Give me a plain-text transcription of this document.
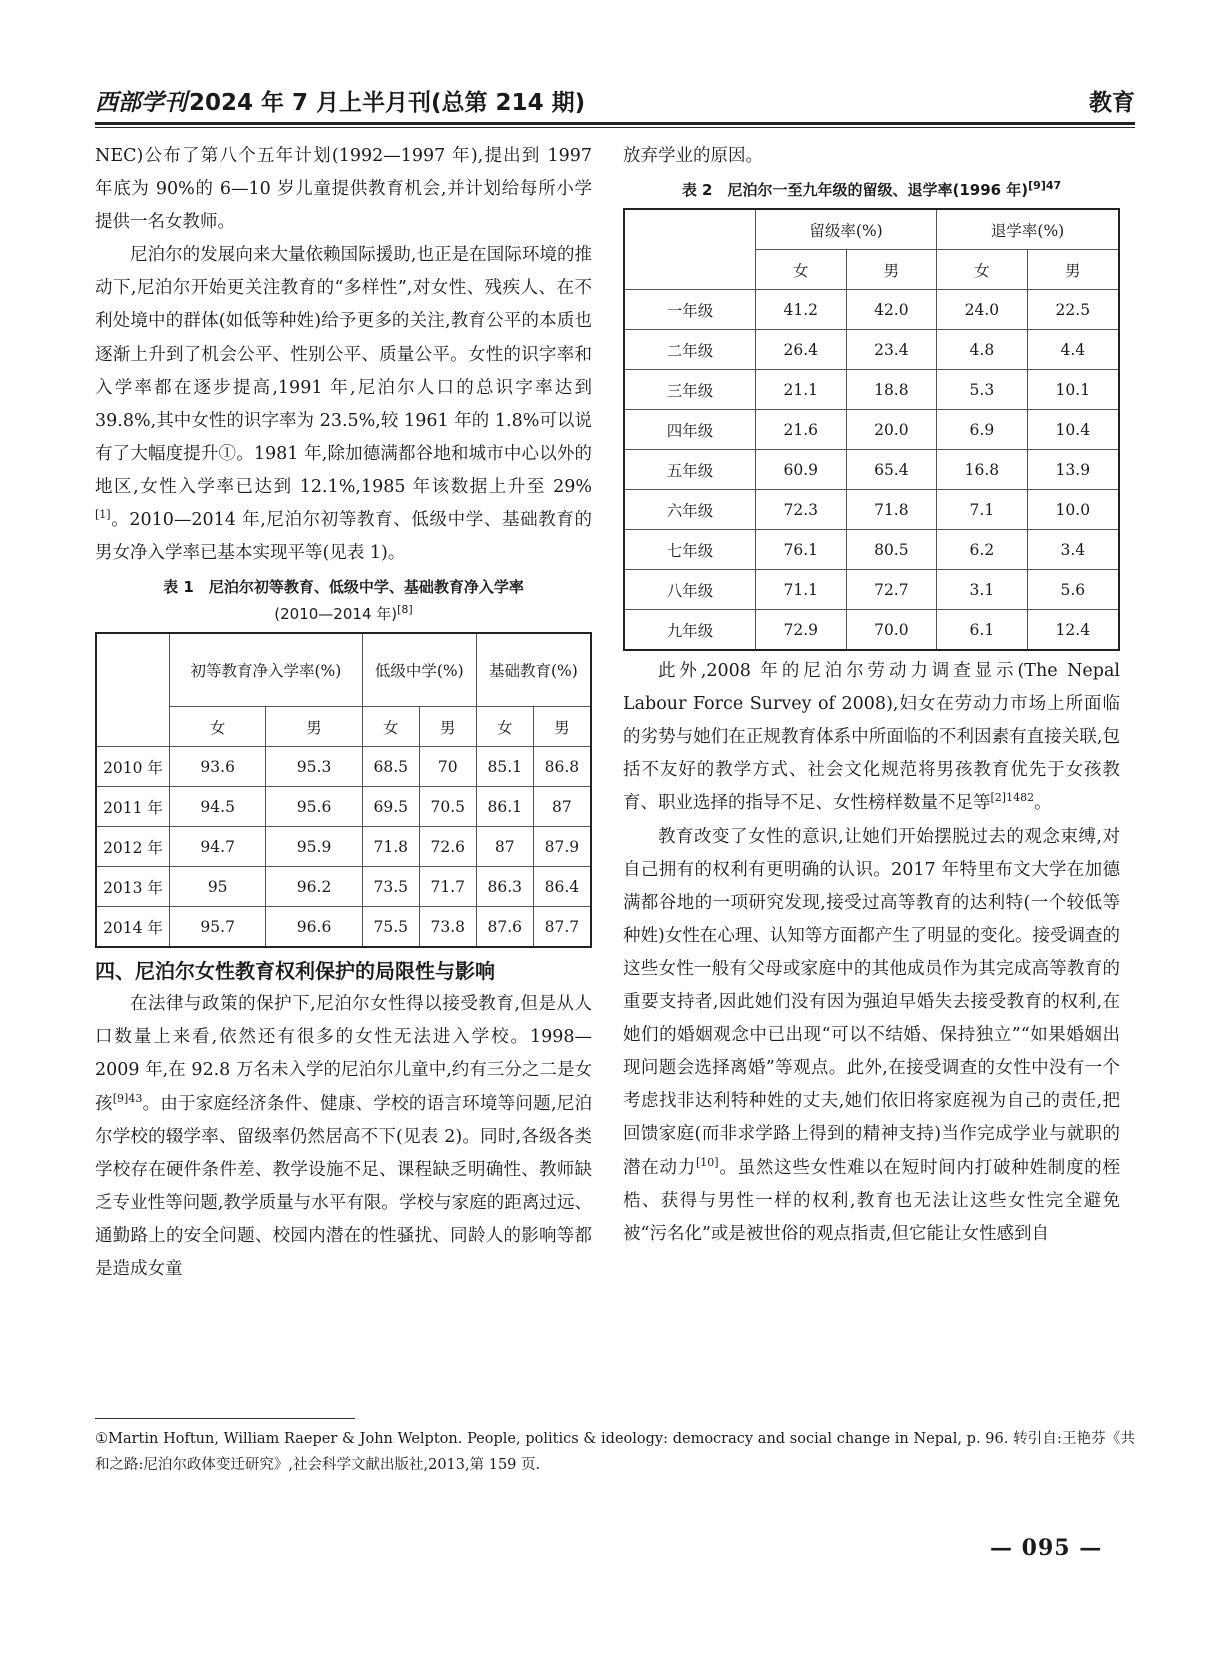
西部学刊2024 年 7 月上半月刊(总第 214 期)	教育

NEC)公布了第八个五年计划(1992—1997 年),提出到 1997 年底为 90%的 6—10 岁儿童提供教育机会,并计划给每所小学提供一名女教师。

尼泊尔的发展向来大量依赖国际援助,也正是在国际环境的推动下,尼泊尔开始更关注教育的“多样性”,对女性、残疾人、在不利处境中的群体(如低等种姓)给予更多的关注,教育公平的本质也逐渐上升到了机会公平、性别公平、质量公平。女性的识字率和入学率都在逐步提高,1991 年,尼泊尔人口的总识字率达到 39.8%,其中女性的识字率为 23.5%,较 1961 年的 1.8%可以说有了大幅度提升①。1981 年,除加德满都谷地和城市中心以外的地区,女性入学率已达到 12.1%,1985 年该数据上升至 29%[1]。2010—2014 年,尼泊尔初等教育、低级中学、基础教育的男女净入学率已基本实现平等(见表 1)。

表 1　尼泊尔初等教育、低级中学、基础教育净入学率
(2010—2014 年)[8]
	初等教育净入学率(%)		低级中学(%)		基础教育(%)	
	女	男	女	男	女	男
2010 年	93.6	95.3	68.5	70	85.1	86.8
2011 年	94.5	95.6	69.5	70.5	86.1	87
2012 年	94.7	95.9	71.8	72.6	87	87.9
2013 年	95	96.2	73.5	71.7	86.3	86.4
2014 年	95.7	96.6	75.5	73.8	87.6	87.7
四、尼泊尔女性教育权利保护的局限性与影响

在法律与政策的保护下,尼泊尔女性得以接受教育,但是从人口数量上来看,依然还有很多的女性无法进入学校。1998—2009 年,在 92.8 万名未入学的尼泊尔儿童中,约有三分之二是女孩$^{[9]43}$。由于家庭经济条件、健康、学校的语言环境等问题,尼泊尔学校的辍学率、留级率仍然居高不下(见表 2)。同时,各级各类学校存在硬件条件差、教学设施不足、课程缺乏明确性、教师缺乏专业性等问题,教学质量与水平有限。学校与家庭的距离过远、通勤路上的安全问题、校园内潜在的性骚扰、同龄人的影响等都是造成女童

放弃学业的原因。

表 2　尼泊尔一至九年级的留级、退学率(1996 年)$^{[9]47}$
	留级率(%)		退学率(%)	
	女	男	女	男
一年级	41.2	42.0	24.0	22.5
二年级	26.4	23.4	4.8	4.4
三年级	21.1	18.8	5.3	10.1
四年级	21.6	20.0	6.9	10.4
五年级	60.9	65.4	16.8	13.9
六年级	72.3	71.8	7.1	10.0
七年级	76.1	80.5	6.2	3.4
八年级	71.1	72.7	3.1	5.6
九年级	72.9	70.0	6.1	12.4

此外,2008 年的尼泊尔劳动力调查显示(The Nepal Labour Force Survey of 2008),妇女在劳动力市场上所面临的劣势与她们在正规教育体系中所面临的不利因素有直接关联,包括不友好的教学方式、社会文化规范将男孩教育优先于女孩教育、职业选择的指导不足、女性榜样数量不足等$^{[2]1482}$。

教育改变了女性的意识,让她们开始摆脱过去的观念束缚,对自己拥有的权利有更明确的认识。2017 年特里布文大学在加德满都谷地的一项研究发现,接受过高等教育的达利特(一个较低等种姓)女性在心理、认知等方面都产生了明显的变化。接受调查的这些女性一般有父母或家庭中的其他成员作为其完成高等教育的重要支持者,因此她们没有因为强迫早婚失去接受教育的权利,在她们的婚姻观念中已出现“可以不结婚、保持独立”“如果婚姻出现问题会选择离婚”等观点。此外,在接受调查的女性中没有一个考虑找非达利特种姓的丈夫,她们依旧将家庭视为自己的责任,把回馈家庭(而非求学路上得到的精神支持)当作完成学业与就职的潜在动力[10]。虽然这些女性难以在短时间内打破种姓制度的桎梏、获得与男性一样的权利,教育也无法让这些女性完全避免被“污名化”或是被世俗的观点指责,但它能让女性感到自

①Martin Hoftun, William Raeper & John Welpton. People, politics & ideology: democracy and social change in Nepal, p. 96. 转引自:王艳芬《共和之路:尼泊尔政体变迁研究》,社会科学文献出版社,2013,第 159 页.
— 095 —
